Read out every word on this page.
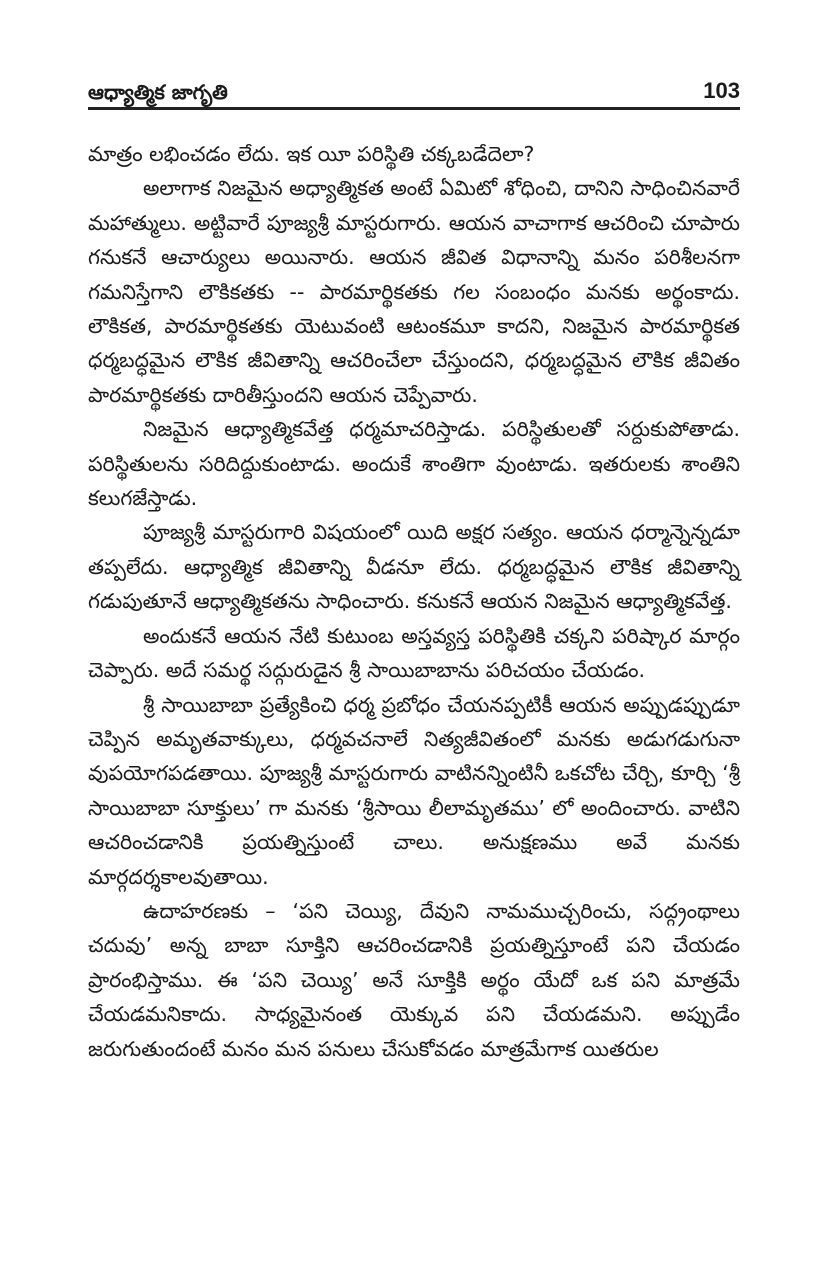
ఆధ్యాత్మిక జాగృతి	103

మాత్రం లభించడం లేదు. ఇక యీ పరిస్థితి చక్కబడేదెలా?

అలాగాక నిజమైన అధ్యాత్మికత అంటే ఏమిటో శోధించి, దానిని సాధించినవారే మహాత్ములు. అట్టివారే పూజ్యశ్రీ మాస్టరుగారు. ఆయన వాచాగాక ఆచరించి చూపారు గనుకనే ఆచార్యులు అయినారు. ఆయన జీవిత విధానాన్ని మనం పరిశీలనగా గమనిస్తేగాని లౌకికతకు -- పారమార్థికతకు గల సంబంధం మనకు అర్థంకాదు. లౌకికత, పారమార్థికతకు యెటువంటి ఆటంకమూ కాదని, నిజమైన పారమార్థికత ధర్మబద్ధమైన లౌకిక జీవితాన్ని ఆచరించేలా చేస్తుందని, ధర్మబద్ధమైన లౌకిక జీవితం పారమార్థికతకు దారితీస్తుందని ఆయన చెప్పేవారు.

నిజమైన ఆధ్యాత్మికవేత్త ధర్మమాచరిస్తాడు. పరిస్థితులతో సర్దుకుపోతాడు. పరిస్థితులను సరిదిద్దుకుంటాడు. అందుకే శాంతిగా వుంటాడు. ఇతరులకు శాంతిని కలుగజేస్తాడు.

పూజ్యశ్రీ మాస్టరుగారి విషయంలో యిది అక్షర సత్యం. ఆయన ధర్మాన్నెన్నడూ తప్పలేదు. ఆధ్యాత్మిక జీవితాన్ని వీడనూ లేదు. ధర్మబద్ధమైన లౌకిక జీవితాన్ని గడుపుతూనే ఆధ్యాత్మికతను సాధించారు. కనుకనే ఆయన నిజమైన ఆధ్యాత్మికవేత్త.

అందుకనే ఆయన నేటి కుటుంబ అస్తవ్యస్త పరిస్థితికి చక్కని పరిష్కార మార్గం చెప్పారు. అదే సమర్థ సద్గురుడైన శ్రీ సాయిబాబాను పరిచయం చేయడం.

శ్రీ సాయిబాబా ప్రత్యేకించి ధర్మ ప్రబోధం చేయనప్పటికీ ఆయన అప్పుడప్పుడూ చెప్పిన అమృతవాక్కులు, ధర్మవచనాలే నిత్యజీవితంలో మనకు అడుగడుగునా వుపయోగపడతాయి. పూజ్యశ్రీ మాస్టరుగారు వాటినన్నింటినీ ఒకచోట చేర్చి, కూర్చి ‘శ్రీ సాయిబాబా సూక్తులు’ గా మనకు ‘శ్రీసాయి లీలామృతము’ లో అందించారు. వాటిని ఆచరించడానికి ప్రయత్నిస్తుంటే చాలు. అనుక్షణము అవే మనకు మార్గదర్శకాలవుతాయి.

ఉదాహరణకు – ‘పని చెయ్యి, దేవుని నామముచ్చరించు, సద్గ్రంథాలు చదువు’ అన్న బాబా సూక్తిని ఆచరించడానికి ప్రయత్నిస్తూంటే పని చేయడం ప్రారంభిస్తాము. ఈ ‘పని చెయ్యి’ అనే సూక్తికి అర్థం యేదో ఒక పని మాత్రమే చేయడమనికాదు. సాధ్యమైనంత యెక్కువ పని చేయడమని. అప్పుడేం జరుగుతుందంటే మనం మన పనులు చేసుకోవడం మాత్రమేగాక యితరుల
